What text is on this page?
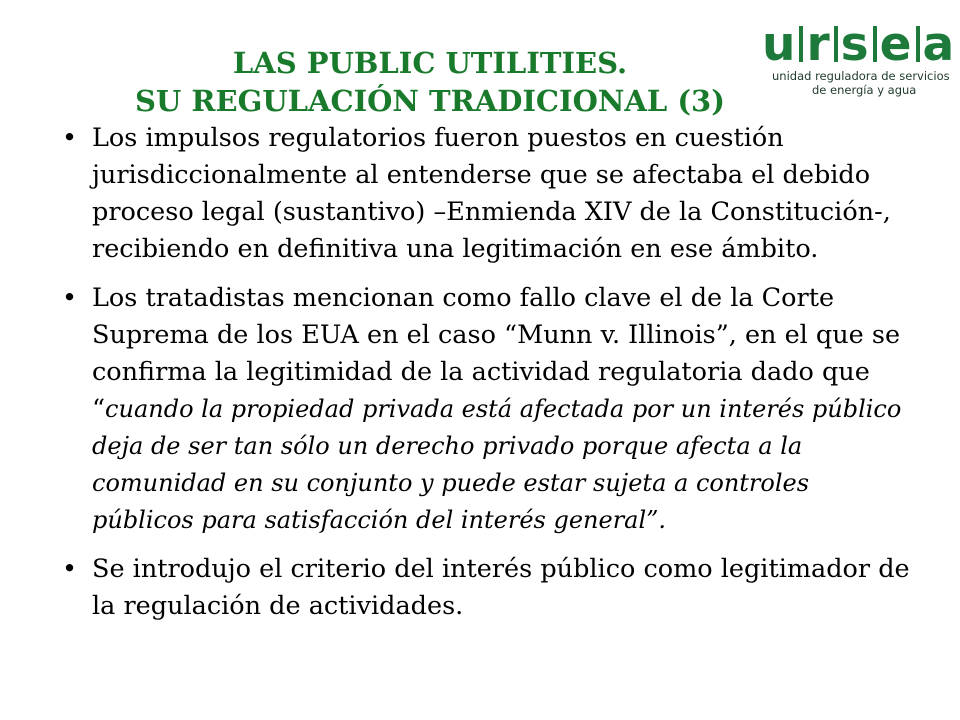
LAS PUBLIC UTILITIES.
SU REGULACIÓN TRADICIONAL (3)
u r s e a
unidad reguladora de servicios
de energía y agua
• Los impulsos regulatorios fueron puestos en cuestión jurisdiccionalmente al entenderse que se afectaba el debido proceso legal (sustantivo) –Enmienda XIV de la Constitución-, recibiendo en definitiva una legitimación en ese ámbito.
• Los tratadistas mencionan como fallo clave el de la Corte Suprema de los EUA en el caso “Munn v. Illinois”, en el que se confirma la legitimidad de la actividad regulatoria dado que “cuando la propiedad privada está afectada por un interés público deja de ser tan sólo un derecho privado porque afecta a la comunidad en su conjunto y puede estar sujeta a controles públicos para satisfacción del interés general”.
• Se introdujo el criterio del interés público como legitimador de la regulación de actividades.
